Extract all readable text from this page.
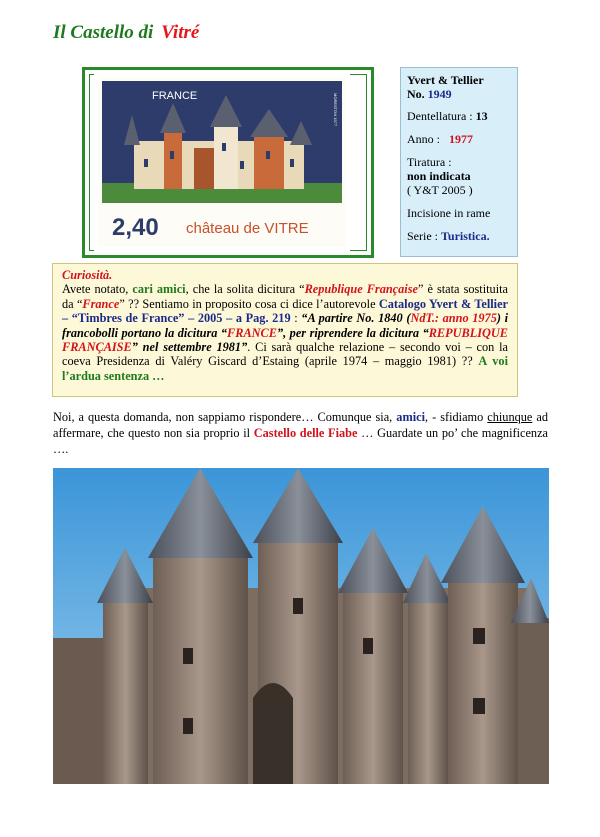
Il Castello di Vitré
FRANCE	MORESTON 1977
2,40 château de VITRE
Yvert & Tellier
No. 1949
Dentellatura : 13
Anno : 1977
Tiratura :
non indicata
( Y&T 2005 )
Incisione in rame
Serie : Turistica.
Curiosità.
Avete notato, cari amici, che la solita dicitura “Republique Française” è stata sostituita da “France” ?? Sentiamo in proposito cosa ci dice l’autorevole Catalogo Yvert & Tellier – “Timbres de France” – 2005 – a Pag. 219 : “A partire No. 1840 (NdT.: anno 1975) i francobolli portano la dicitura “FRANCE”, per riprendere la dicitura “REPUBLIQUE FRANÇAISE” nel settembre 1981”. Ci sarà qualche relazione – secondo voi – con la coeva Presidenza di Valéry Giscard d’Estaing (aprile 1974 – maggio 1981) ?? A voi l’ardua sentenza …
Noi, a questa domanda, non sappiamo rispondere… Comunque sia, amici, - sfidiamo chiunque ad affermare, che questo non sia proprio il Castello delle Fiabe … Guardate un po’ che magnificenza ….
